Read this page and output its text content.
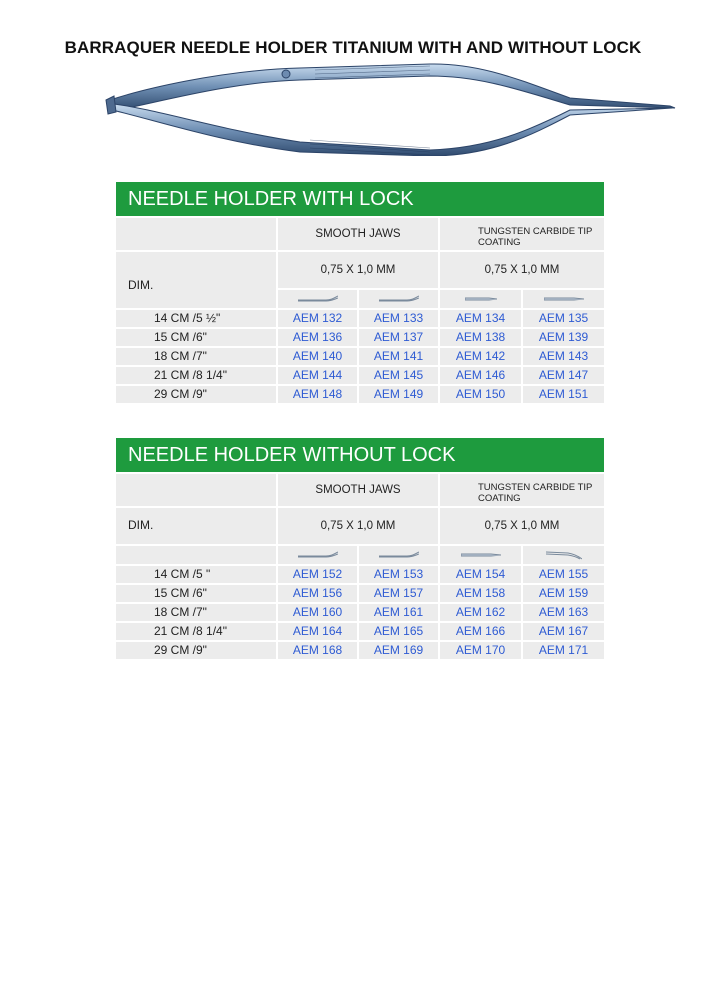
BARRAQUER NEEDLE HOLDER TITANIUM WITH AND WITHOUT LOCK
NEEDLE HOLDER WITH LOCK
SMOOTH JAWS	TUNGSTEN CARBIDE TIP COATING
DIM.
0,75 X 1,0 MM	0,75 X 1,0 MM
14 CM /5 ½"	AEM 132	AEM 133	AEM 134	AEM 135
15 CM /6"	AEM 136	AEM 137	AEM 138	AEM 139
18 CM /7"	AEM 140	AEM 141	AEM 142	AEM 143
21 CM /8 1/4"	AEM 144	AEM 145	AEM 146	AEM 147
29 CM /9"	AEM 148	AEM 149	AEM 150	AEM 151
NEEDLE HOLDER WITHOUT LOCK
SMOOTH JAWS	TUNGSTEN CARBIDE TIP COATING
DIM.	0,75 X 1,0 MM	0,75 X 1,0 MM
14 CM /5 "	AEM 152	AEM 153	AEM 154	AEM 155
15 CM /6"	AEM 156	AEM 157	AEM 158	AEM 159
18 CM /7"	AEM 160	AEM 161	AEM 162	AEM 163
21 CM /8 1/4"	AEM 164	AEM 165	AEM 166	AEM 167
29 CM /9"	AEM 168	AEM 169	AEM 170	AEM 171
